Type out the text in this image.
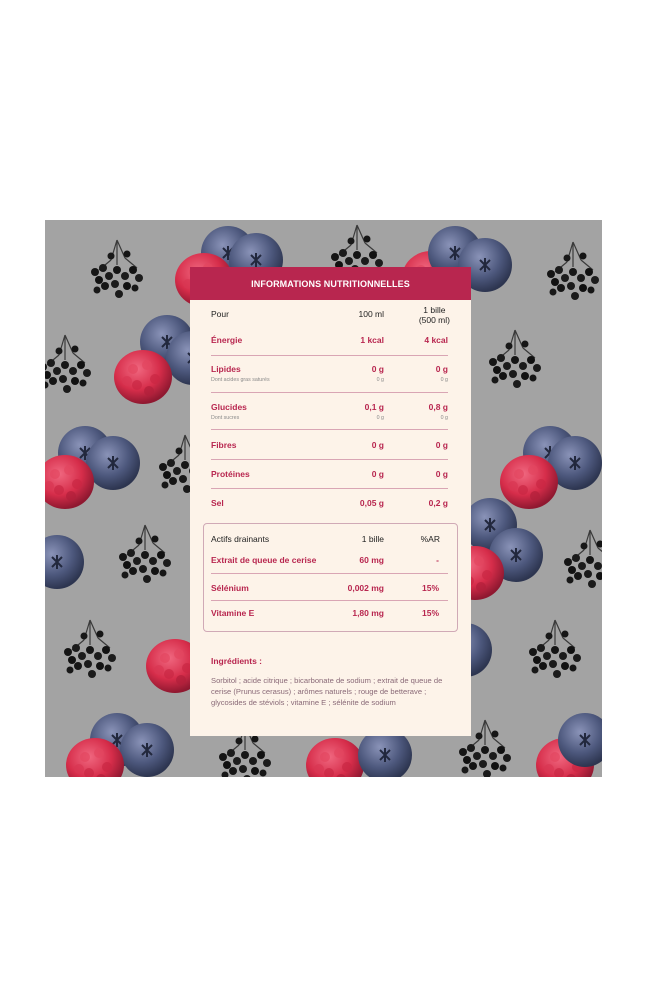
INFORMATIONS NUTRITIONNELLES
Pour	100 ml	1 bille
(500 ml)
Énergie	1 kcal	4 kcal
Lipides	0 g	0 g
Dont acides gras saturés	0 g	0 g
Glucides	0,1 g	0,8 g
Dont sucres	0 g	0 g
Fibres	0 g	0 g
Protéines	0 g	0 g
Sel	0,05 g	0,2 g
Actifs drainants	1 bille	%AR
Extrait de queue de cerise	60 mg	-
Sélénium	0,002 mg	15%
Vitamine E	1,80 mg	15%
Ingrédients :
Sorbitol ; acide citrique ; bicarbonate de sodium ; extrait de queue de cerise (Prunus cerasus) ; arômes naturels ; rouge de betterave ; glycosides de stéviols ; vitamine E ; sélénite de sodium
